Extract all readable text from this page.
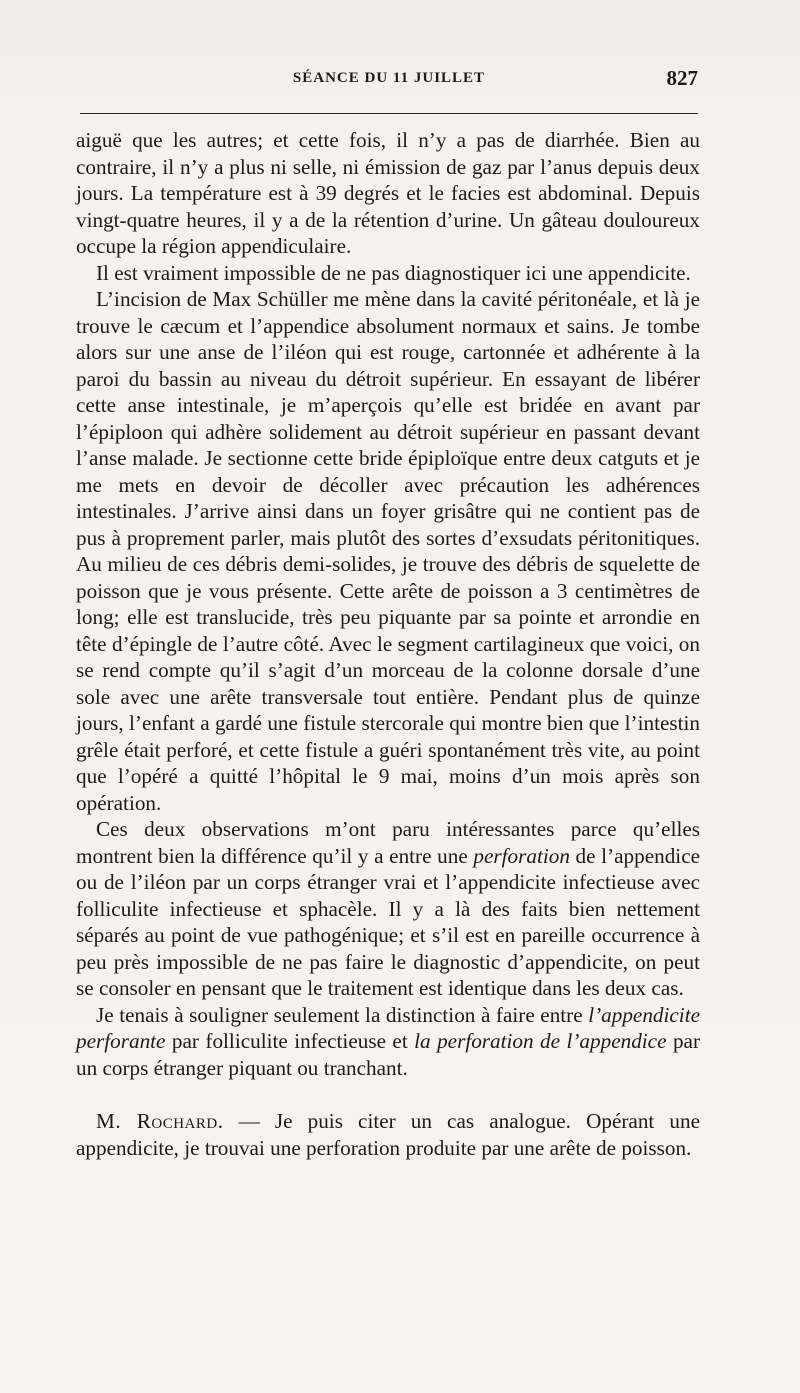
SÉANCE DU 11 JUILLET	827

aiguë que les autres; et cette fois, il n’y a pas de diarrhée. Bien au contraire, il n’y a plus ni selle, ni émission de gaz par l’anus depuis deux jours. La température est à 39 degrés et le facies est abdominal. Depuis vingt-quatre heures, il y a de la rétention d’urine. Un gâteau douloureux occupe la région appendiculaire.

Il est vraiment impossible de ne pas diagnostiquer ici une appendicite.

L’incision de Max Schüller me mène dans la cavité péritonéale, et là je trouve le cæcum et l’appendice absolument normaux et sains. Je tombe alors sur une anse de l’iléon qui est rouge, cartonnée et adhérente à la paroi du bassin au niveau du détroit supérieur. En essayant de libérer cette anse intestinale, je m’aperçois qu’elle est bridée en avant par l’épiploon qui adhère solidement au détroit supérieur en passant devant l’anse malade. Je sectionne cette bride épiploïque entre deux catguts et je me mets en devoir de décoller avec précaution les adhérences intestinales. J’arrive ainsi dans un foyer grisâtre qui ne contient pas de pus à proprement parler, mais plutôt des sortes d’exsudats péritonitiques. Au milieu de ces débris demi-solides, je trouve des débris de squelette de poisson que je vous présente. Cette arête de poisson a 3 centimètres de long; elle est translucide, très peu piquante par sa pointe et arrondie en tête d’épingle de l’autre côté. Avec le segment cartilagineux que voici, on se rend compte qu’il s’agit d’un morceau de la colonne dorsale d’une sole avec une arête transversale tout entière. Pendant plus de quinze jours, l’enfant a gardé une fistule stercorale qui montre bien que l’intestin grêle était perforé, et cette fistule a guéri spontanément très vite, au point que l’opéré a quitté l’hôpital le 9 mai, moins d’un mois après son opération.

Ces deux observations m’ont paru intéressantes parce qu’elles montrent bien la différence qu’il y a entre une perforation de l’appendice ou de l’iléon par un corps étranger vrai et l’appendicite infectieuse avec folliculite infectieuse et sphacèle. Il y a là des faits bien nettement séparés au point de vue pathogénique; et s’il est en pareille occurrence à peu près impossible de ne pas faire le diagnostic d’appendicite, on peut se consoler en pensant que le traitement est identique dans les deux cas.

Je tenais à souligner seulement la distinction à faire entre l’appendicite perforante par folliculite infectieuse et la perforation de l’appendice par un corps étranger piquant ou tranchant.

M. Rochard. — Je puis citer un cas analogue. Opérant une appendicite, je trouvai une perforation produite par une arête de poisson.
